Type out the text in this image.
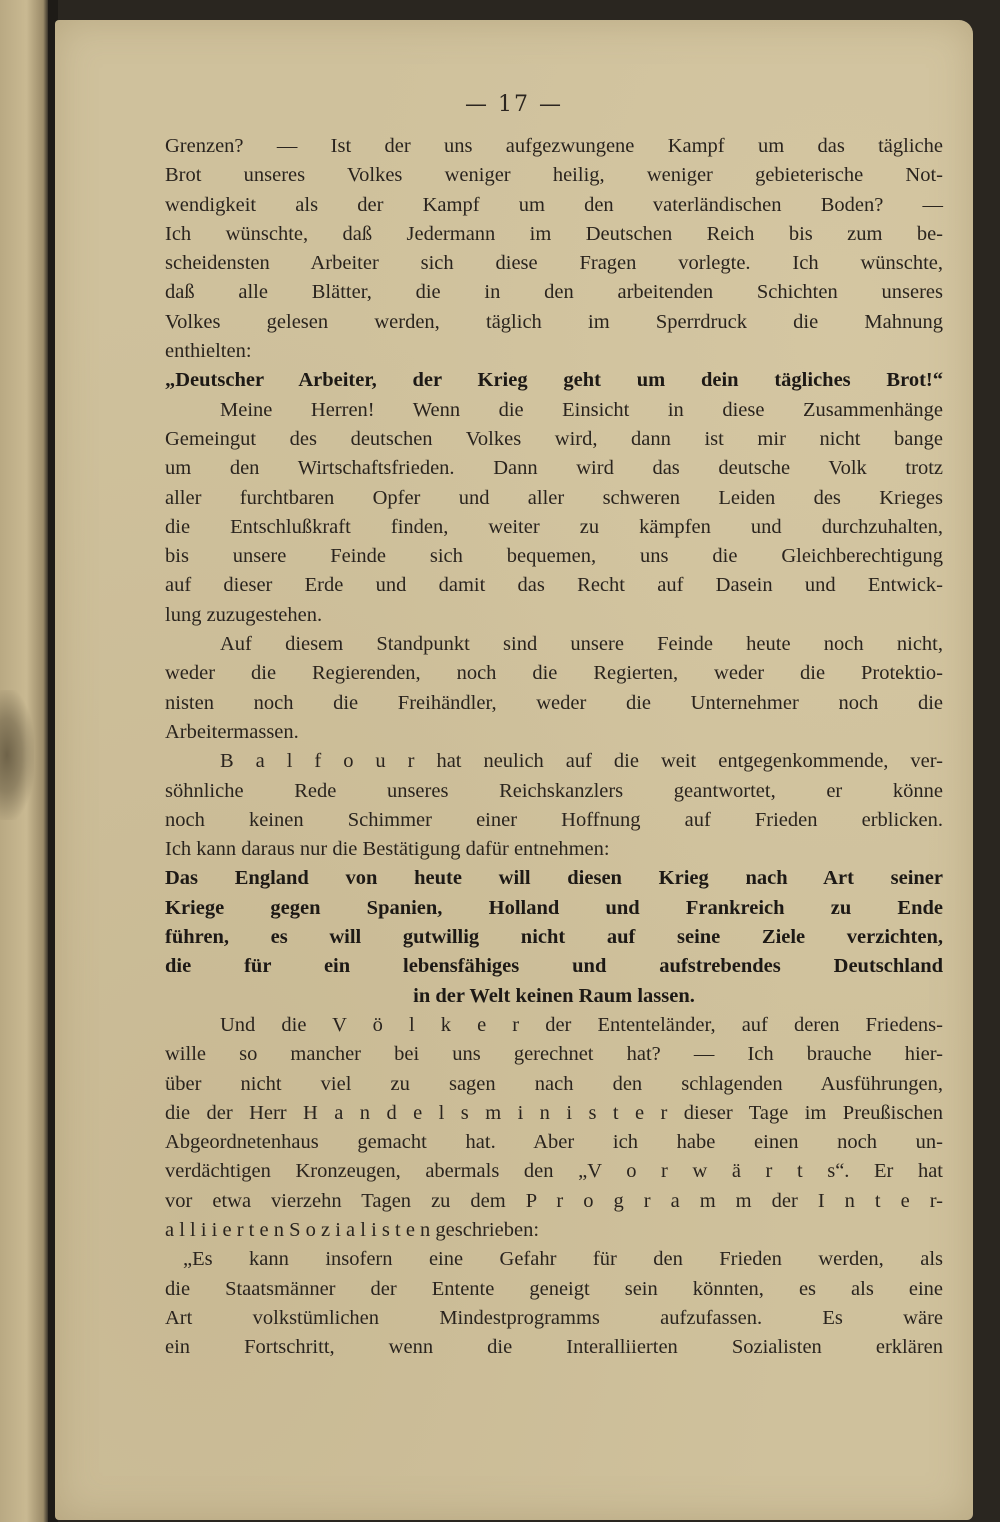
— 17 —
Grenzen? — Ist der uns aufgezwungene Kampf um das tägliche
Brot unseres Volkes weniger heilig, weniger gebieterische Not-
wendigkeit als der Kampf um den vaterländischen Boden? —
Ich wünschte, daß Jedermann im Deutschen Reich bis zum be-
scheidensten Arbeiter sich diese Fragen vorlegte. Ich wünschte,
daß alle Blätter, die in den arbeitenden Schichten unseres
Volkes gelesen werden, täglich im Sperrdruck die Mahnung
enthielten:
„Deutscher Arbeiter, der Krieg geht um dein tägliches Brot!“
Meine Herren! Wenn die Einsicht in diese Zusammenhänge
Gemeingut des deutschen Volkes wird, dann ist mir nicht bange
um den Wirtschaftsfrieden. Dann wird das deutsche Volk trotz
aller furchtbaren Opfer und aller schweren Leiden des Krieges
die Entschlußkraft finden, weiter zu kämpfen und durchzuhalten,
bis unsere Feinde sich bequemen, uns die Gleichberechtigung
auf dieser Erde und damit das Recht auf Dasein und Entwick-
lung zuzugestehen.
Auf diesem Standpunkt sind unsere Feinde heute noch nicht,
weder die Regierenden, noch die Regierten, weder die Protektio-
nisten noch die Freihändler, weder die Unternehmer noch die
Arbeitermassen.
B a l f o u r hat neulich auf die weit entgegenkommende, ver-
söhnliche Rede unseres Reichskanzlers geantwortet, er könne
noch keinen Schimmer einer Hoffnung auf Frieden erblicken.
Ich kann daraus nur die Bestätigung dafür entnehmen:
Das England von heute will diesen Krieg nach Art seiner
Kriege gegen Spanien, Holland und Frankreich zu Ende
führen, es will gutwillig nicht auf seine Ziele verzichten,
die für ein lebensfähiges und aufstrebendes Deutschland
in der Welt keinen Raum lassen.
Und die V ö l k e r der Ententeländer, auf deren Friedens-
wille so mancher bei uns gerechnet hat? — Ich brauche hier-
über nicht viel zu sagen nach den schlagenden Ausführungen,
die der Herr H a n d e l s m i n i s t e r dieser Tage im Preußischen
Abgeordnetenhaus gemacht hat. Aber ich habe einen noch un-
verdächtigen Kronzeugen, abermals den „V o r w ä r t s“. Er hat
vor etwa vierzehn Tagen zu dem P r o g r a m m der I n t e r-
a l l i i e r t e n S o z i a l i s t e n geschrieben:
„Es kann insofern eine Gefahr für den Frieden werden, als
die Staatsmänner der Entente geneigt sein könnten, es als eine
Art volkstümlichen Mindestprogramms aufzufassen. Es wäre
ein Fortschritt, wenn die Interalliierten Sozialisten erklären
